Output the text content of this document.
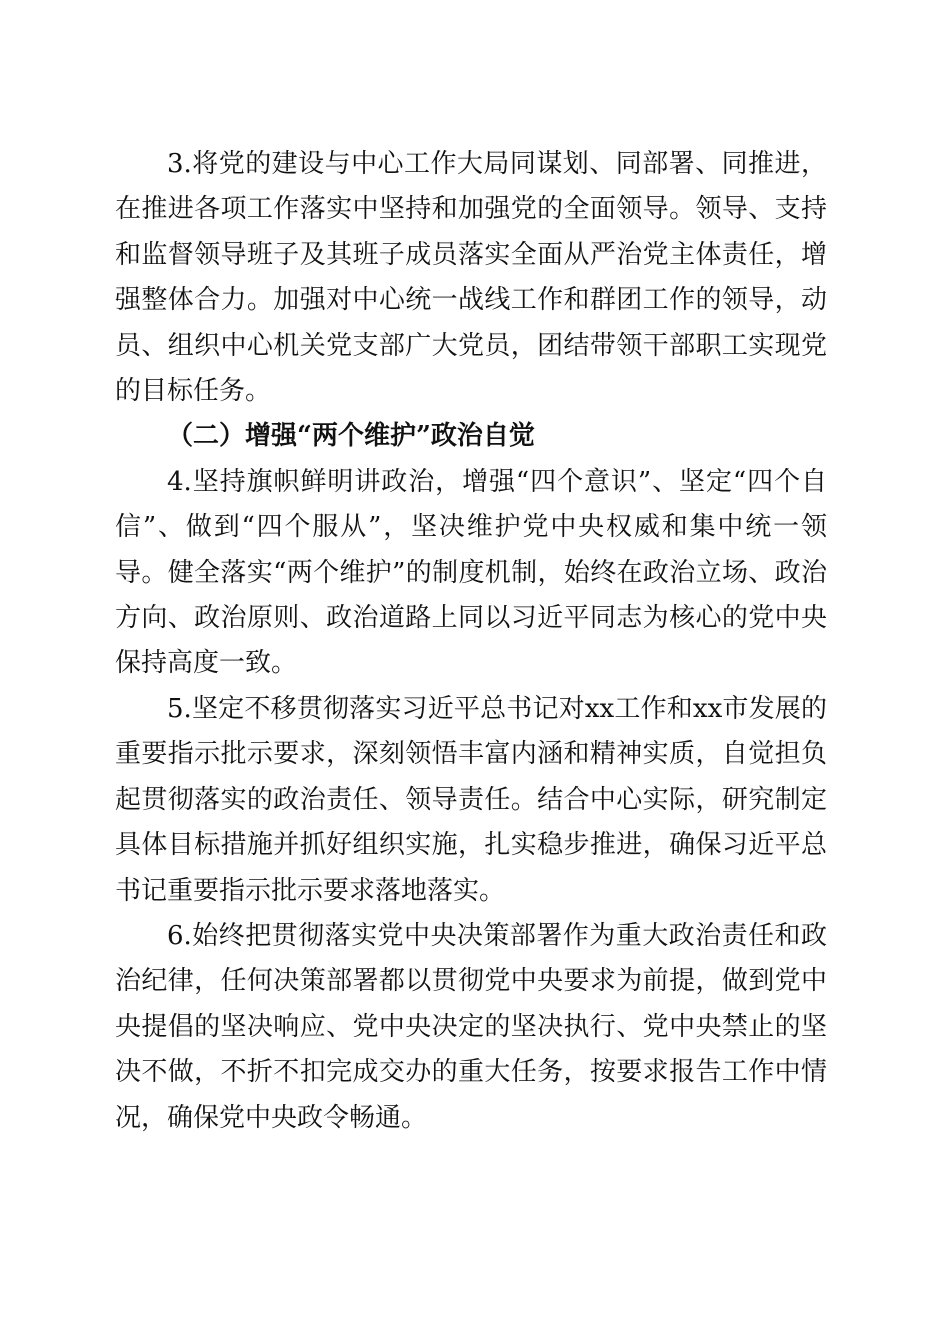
3.将党的建设与中心工作大局同谋划、同部署、同推进，在推进各项工作落实中坚持和加强党的全面领导。领导、支持和监督领导班子及其班子成员落实全面从严治党主体责任，增强整体合力。加强对中心统一战线工作和群团工作的领导，动员、组织中心机关党支部广大党员，团结带领干部职工实现党的目标任务。

（二）增强“两个维护”政治自觉

4.坚持旗帜鲜明讲政治，增强“四个意识”、坚定“四个自信”、做到“四个服从”，坚决维护党中央权威和集中统一领导。健全落实“两个维护”的制度机制，始终在政治立场、政治方向、政治原则、政治道路上同以习近平同志为核心的党中央保持高度一致。

5.坚定不移贯彻落实习近平总书记对xx工作和xx市发展的重要指示批示要求，深刻领悟丰富内涵和精神实质，自觉担负起贯彻落实的政治责任、领导责任。结合中心实际，研究制定具体目标措施并抓好组织实施，扎实稳步推进，确保习近平总书记重要指示批示要求落地落实。

6.始终把贯彻落实党中央决策部署作为重大政治责任和政治纪律，任何决策部署都以贯彻党中央要求为前提，做到党中央提倡的坚决响应、党中央决定的坚决执行、党中央禁止的坚决不做，不折不扣完成交办的重大任务，按要求报告工作中情况，确保党中央政令畅通。
